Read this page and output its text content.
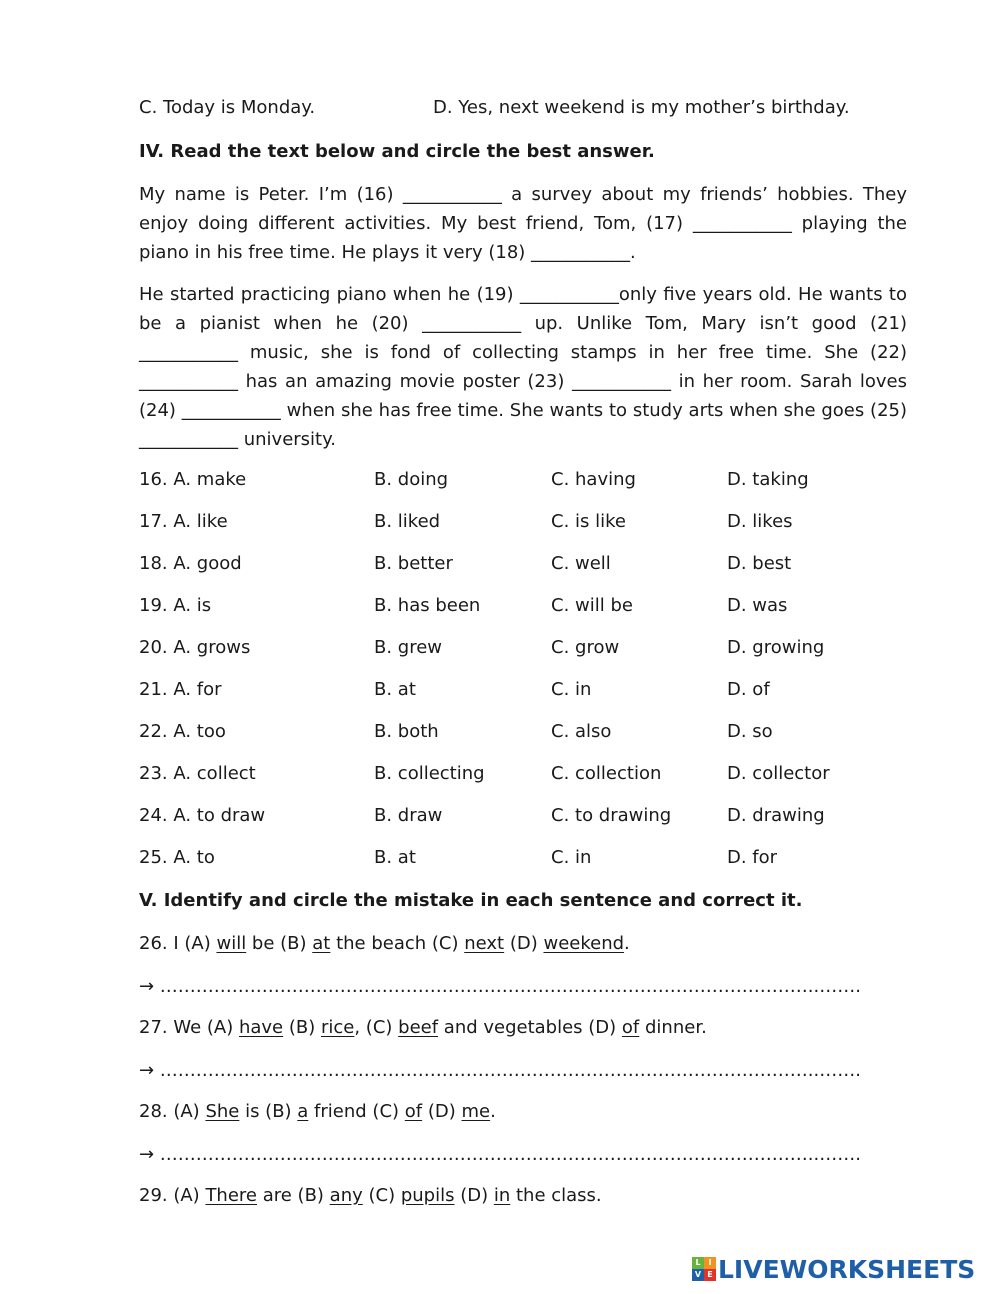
C. Today is Monday.	D. Yes, next weekend is my mother’s birthday.
IV. Read the text below and circle the best answer.
My name is Peter. I’m (16) ___________ a survey about my friends’ hobbies. They enjoy doing different activities. My best friend, Tom, (17) ___________ playing the piano in his free time. He plays it very (18) ___________.
He started practicing piano when he (19) ___________only five years old. He wants to be a pianist when he (20) ___________ up. Unlike Tom, Mary isn’t good (21) ___________ music, she is fond of collecting stamps in her free time. She (22) ___________ has an amazing movie poster (23) ___________ in her room. Sarah loves (24) ___________ when she has free time. She wants to study arts when she goes (25) ___________ university.
16. A. make	B. doing	C. having	D. taking
17. A. like	B. liked	C. is like	D. likes
18. A. good	B. better	C. well	D. best
19. A. is	B. has been	C. will be	D. was
20. A. grows	B. grew	C. grow	D. growing
21. A. for	B. at	C. in	D. of
22. A. too	B. both	C. also	D. so
23. A. collect	B. collecting	C. collection	D. collector
24. A. to draw	B. draw	C. to drawing	D. drawing
25. A. to	B. at	C. in	D. for
V. Identify and circle the mistake in each sentence and correct it.
26. I (A) will be (B) at the beach (C) next (D) weekend.
→ ………………………………………………………………………………………………..…….
27. We (A) have (B) rice, (C) beef and vegetables (D) of dinner.
→ ………………………………………………………………………………………………..…….
28. (A) She is (B) a friend (C) of (D) me.
→ ………………………………………………………………………………………………..…….
29. (A) There are (B) any (C) pupils (D) in the class.
L I
V E LIVEWORKSHEETS
